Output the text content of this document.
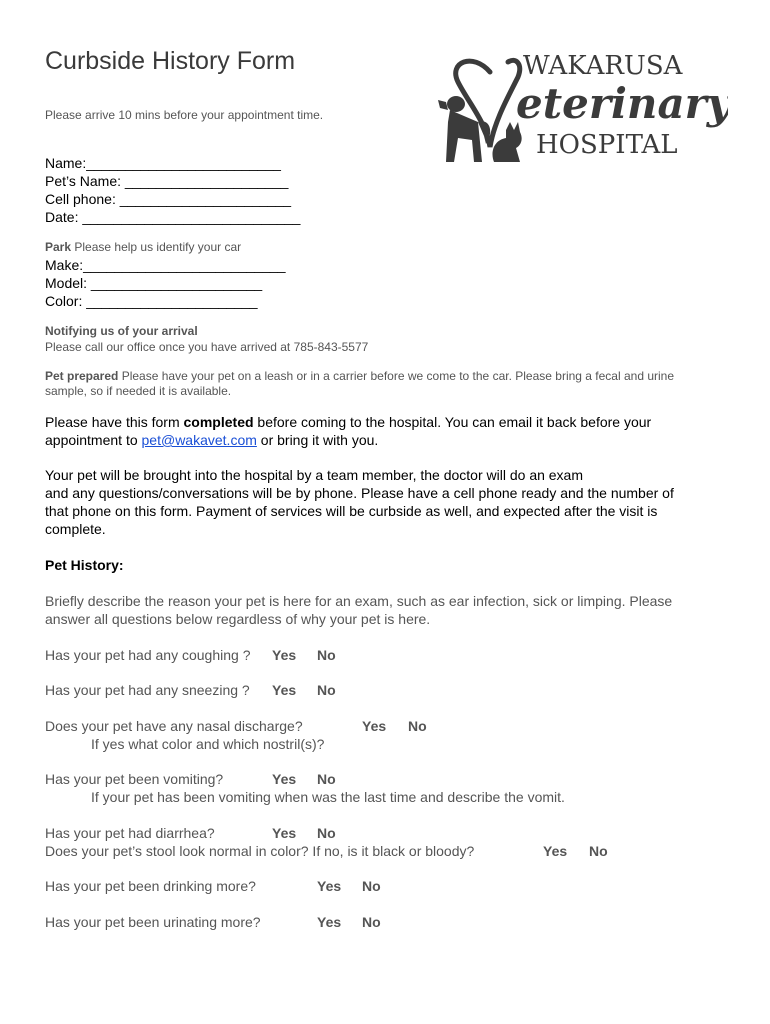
Curbside History Form
Please arrive 10 mins before your appointment time.
WAKARUSA
eterinary
HOSPITAL
Name:_________________________
Pet’s Name: _____________________
Cell phone: ______________________
Date: ____________________________
Park Please help us identify your car
Make:__________________________
Model: ______________________
Color: ______________________
Notifying us of your arrival
Please call our office once you have arrived at 785-843-5577
Pet prepared Please have your pet on a leash or in a carrier before we come to the car. Please bring a fecal and urine
sample, so if needed it is available.
Please have this form completed before coming to the hospital. You can email it back before your
appointment to pet@wakavet.com or bring it with you.
Your pet will be brought into the hospital by a team member, the doctor will do an exam
and any questions/conversations will be by phone. Please have a cell phone ready and the number of
that phone on this form. Payment of services will be curbside as well, and expected after the visit is
complete.
Pet History:
Briefly describe the reason your pet is here for an exam, such as ear infection, sick or limping. Please
answer all questions below regardless of why your pet is here.
Has your pet had any coughing ? Yes No
Has your pet had any sneezing ? Yes No
Does your pet have any nasal discharge?	Yes No
If yes what color and which nostril(s)?
Has your pet been vomiting?	Yes No
If your pet has been vomiting when was the last time and describe the vomit.
Has your pet had diarrhea?	Yes No
Does your pet’s stool look normal in color? If no, is it black or bloody?	Yes No
Has your pet been drinking more?	Yes No
Has your pet been urinating more?	Yes No
